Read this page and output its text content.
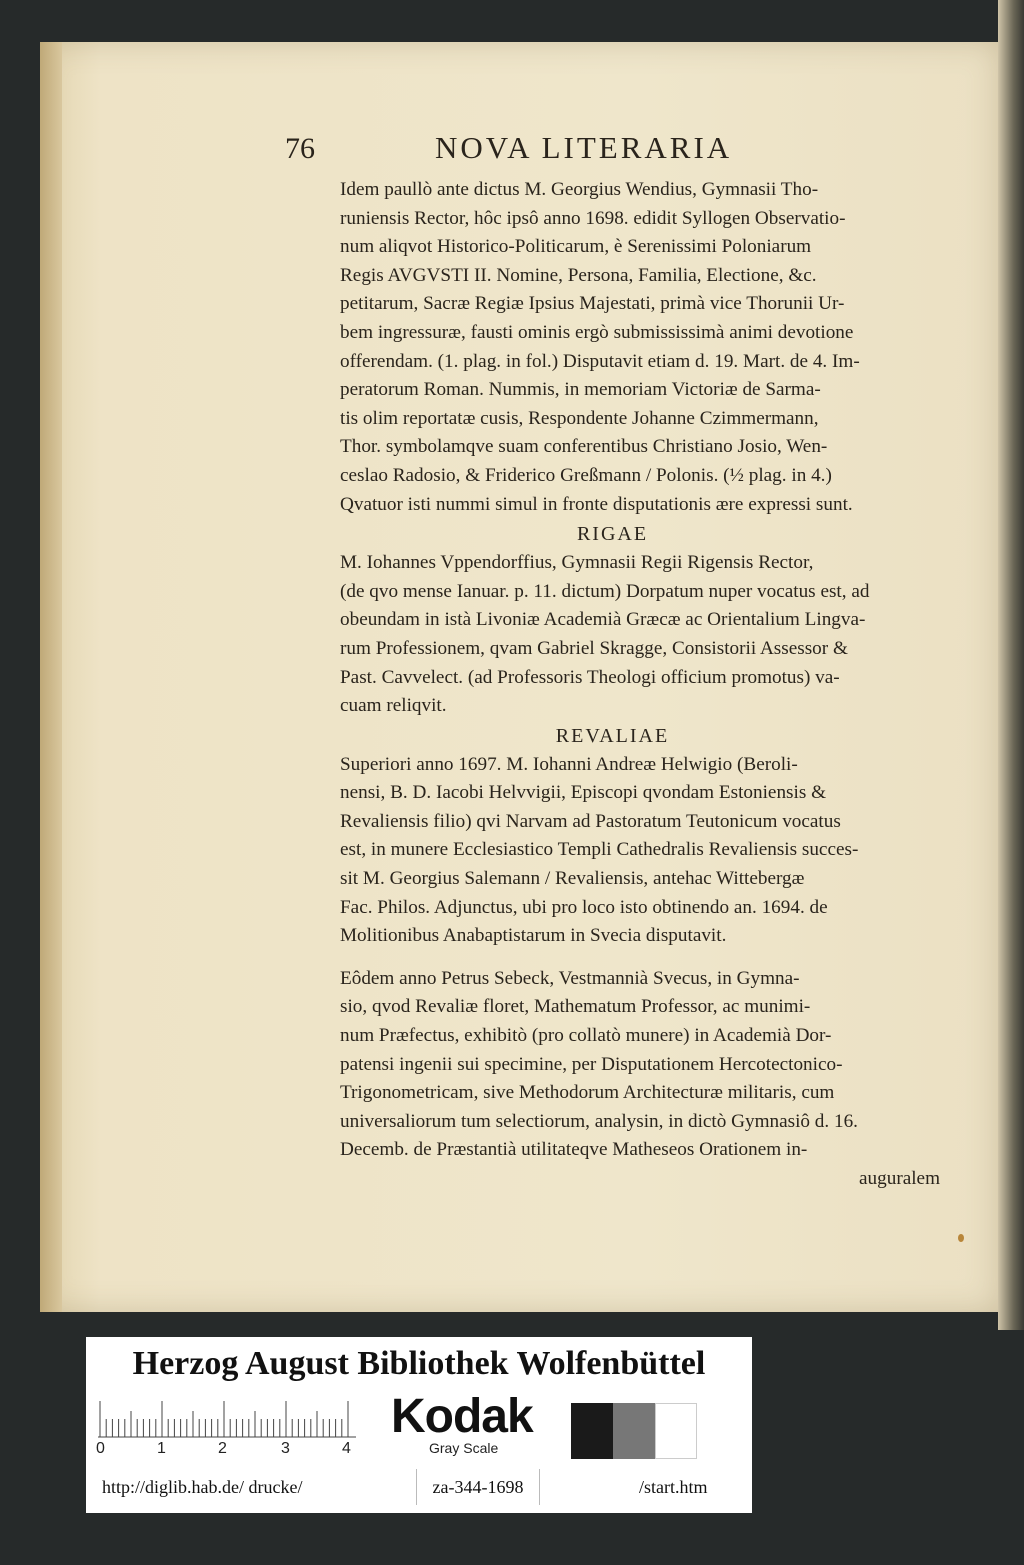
76	NOVA LITERARIA

Idem paullò ante dictus M. Georgius Wendius, Gymnasii Tho-
runiensis Rector, hôc ipsô anno 1698. edidit Syllogen Observatio-
num aliqvot Historico-Politicarum, è Serenissimi Poloniarum
Regis AVGVSTI II. Nomine, Persona, Familia, Electione, &c.
petitarum, Sacræ Regiæ Ipsius Majestati, primà vice Thorunii Ur-
bem ingressuræ, fausti ominis ergò submississimà animi devotione
offerendam. (1. plag. in fol.) Disputavit etiam d. 19. Mart. de 4. Im-
peratorum Roman. Nummis, in memoriam Victoriæ de Sarma-
tis olim reportatæ cusis, Respondente Johanne Czimmermann,
Thor. symbolamqve suam conferentibus Christiano Josio, Wen-
ceslao Radosio, & Friderico Greßmann / Polonis. (½ plag. in 4.)
Qvatuor isti nummi simul in fronte disputationis ære expressi sunt.

RIGAE

M. Iohannes Vppendorffius, Gymnasii Regii Rigensis Rector,
(de qvo mense Ianuar. p. 11. dictum) Dorpatum nuper vocatus est, ad
obeundam in istà Livoniæ Academià Græcæ ac Orientalium Lingva-
rum Professionem, qvam Gabriel Skragge, Consistorii Assessor &
Past. Cavvelect. (ad Professoris Theologi officium promotus) va-
cuam reliqvit.

REVALIAE

Superiori anno 1697. M. Iohanni Andreæ Helwigio (Beroli-
nensi, B. D. Iacobi Helvvigii, Episcopi qvondam Estoniensis &
Revaliensis filio) qvi Narvam ad Pastoratum Teutonicum vocatus
est, in munere Ecclesiastico Templi Cathedralis Revaliensis succes-
sit M. Georgius Salemann / Revaliensis, antehac Wittebergæ
Fac. Philos. Adjunctus, ubi pro loco isto obtinendo an. 1694. de
Molitionibus Anabaptistarum in Svecia disputavit.

Eôdem anno Petrus Sebeck, Vestmannià Svecus, in Gymna-
sio, qvod Revaliæ floret, Mathematum Professor, ac munimi-
num Præfectus, exhibitò (pro collatò munere) in Academià Dor-
patensi ingenii sui specimine, per Disputationem Hercotectonico-
Trigonometricam, sive Methodorum Architecturæ militaris, cum
universaliorum tum selectiorum, analysin, in dictò Gymnasiô d. 16.
Decemb. de Præstantià utilitateqve Matheseos Orationem in-

auguralem

Herzog August Bibliothek Wolfenbüttel
0	1	2	3	4
Kodak
Gray Scale
http://diglib.hab.de/ drucke/	za-344-1698	/start.htm
